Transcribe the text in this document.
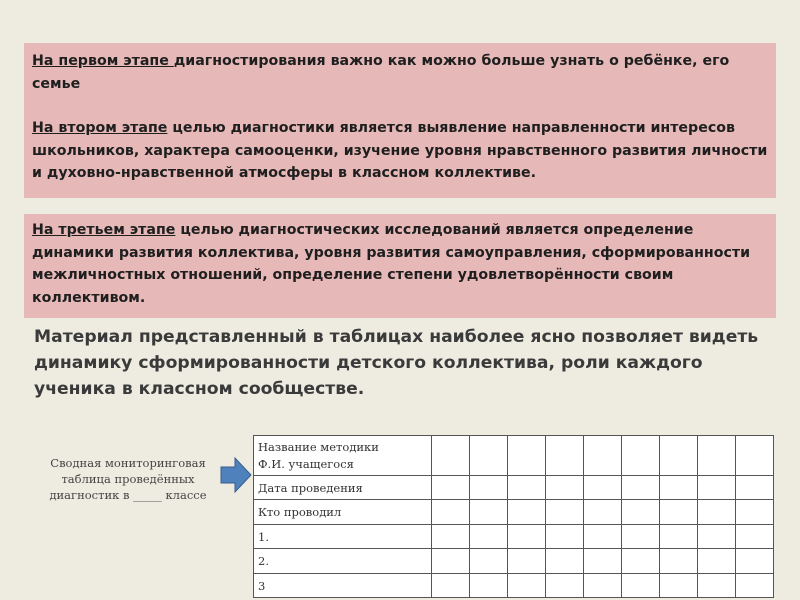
На первом этапе диагностирования важно как можно больше узнать о ребёнке, его семье

На втором этапе целью диагностики является выявление направленности интересов школьников, характера самооценки, изучение уровня нравственного развития личности и духовно-нравственной атмосферы в классном коллективе.

На третьем этапе целью диагностических исследований является определение динамики развития коллектива, уровня развития самоуправления, сформированности межличностных отношений, определение степени удовлетворённости своим коллективом.

Материал представленный в таблицах наиболее ясно позволяет видеть динамику сформированности детского коллектива, роли каждого ученика в классном сообществе.

Сводная мониторинговая таблица проведённых диагностик в _____ классе

Название методики
Ф.И. учащегося									
Дата проведения									
Кто проводил									
1.									
2.									
3									
